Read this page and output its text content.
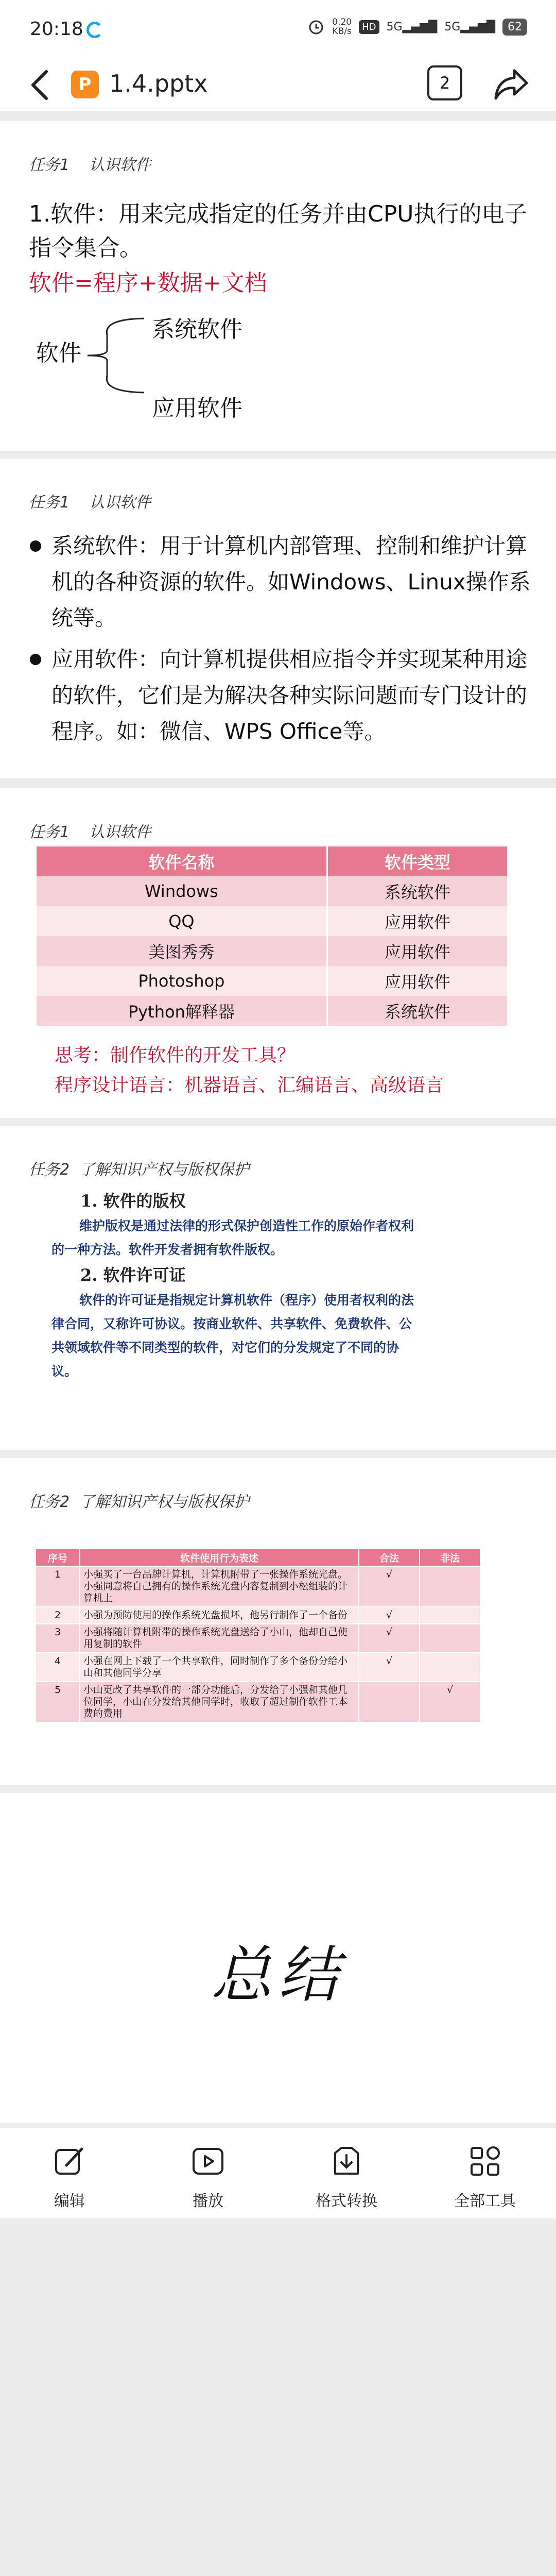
20:18	0.20
KB/s	HD 5G▂▄▆█ 5G▂▄▆█	62
P 1.4.pptx	2
任务1    认识软件
1.软件：用来完成指定的任务并由CPU执行的电子指令集合。
软件=程序+数据+文档
软件
系统软件
应用软件
任务1    认识软件
系统软件：用于计算机内部管理、控制和维护计算机的各种资源的软件。如Windows、Linux操作系统等。
应用软件：向计算机提供相应指令并实现某种用途的软件，它们是为解决各种实际问题而专门设计的程序。如：微信、WPS Office等。
任务1    认识软件
软件名称	软件类型
Windows	系统软件
QQ	应用软件
美图秀秀	应用软件
Photoshop	应用软件
Python解释器	系统软件
思考：制作软件的开发工具？
程序设计语言：机器语言、汇编语言、高级语言
任务2  了解知识产权与版权保护
1. 软件的版权

维护版权是通过法律的形式保护创造性工作的原始作者权利的一种方法。软件开发者拥有软件版权。

2. 软件许可证

软件的许可证是指规定计算机软件（程序）使用者权利的法律合同，又称许可协议。按商业软件、共享软件、免费软件、公共领域软件等不同类型的软件，对它们的分发规定了不同的协议。

任务2  了解知识产权与版权保护
序号	软件使用行为表述	合法	非法
1	小强买了一台品牌计算机，计算机附带了一张操作系统光盘。小强同意将自己拥有的操作系统光盘内容复制到小松组装的计算机上	√	
2	小强为预防使用的操作系统光盘损坏，他另行制作了一个备份	√	
3	小强将随计算机附带的操作系统光盘送给了小山，他却自己使用复制的软件	√	
4	小强在网上下载了一个共享软件，同时制作了多个备份分给小山和其他同学分享	√	
5	小山更改了共享软件的一部分功能后，分发给了小强和其他几位同学，小山在分发给其他同学时，收取了超过制作软件工本费的费用		√
总结
编辑	播放	格式转换	全部工具
